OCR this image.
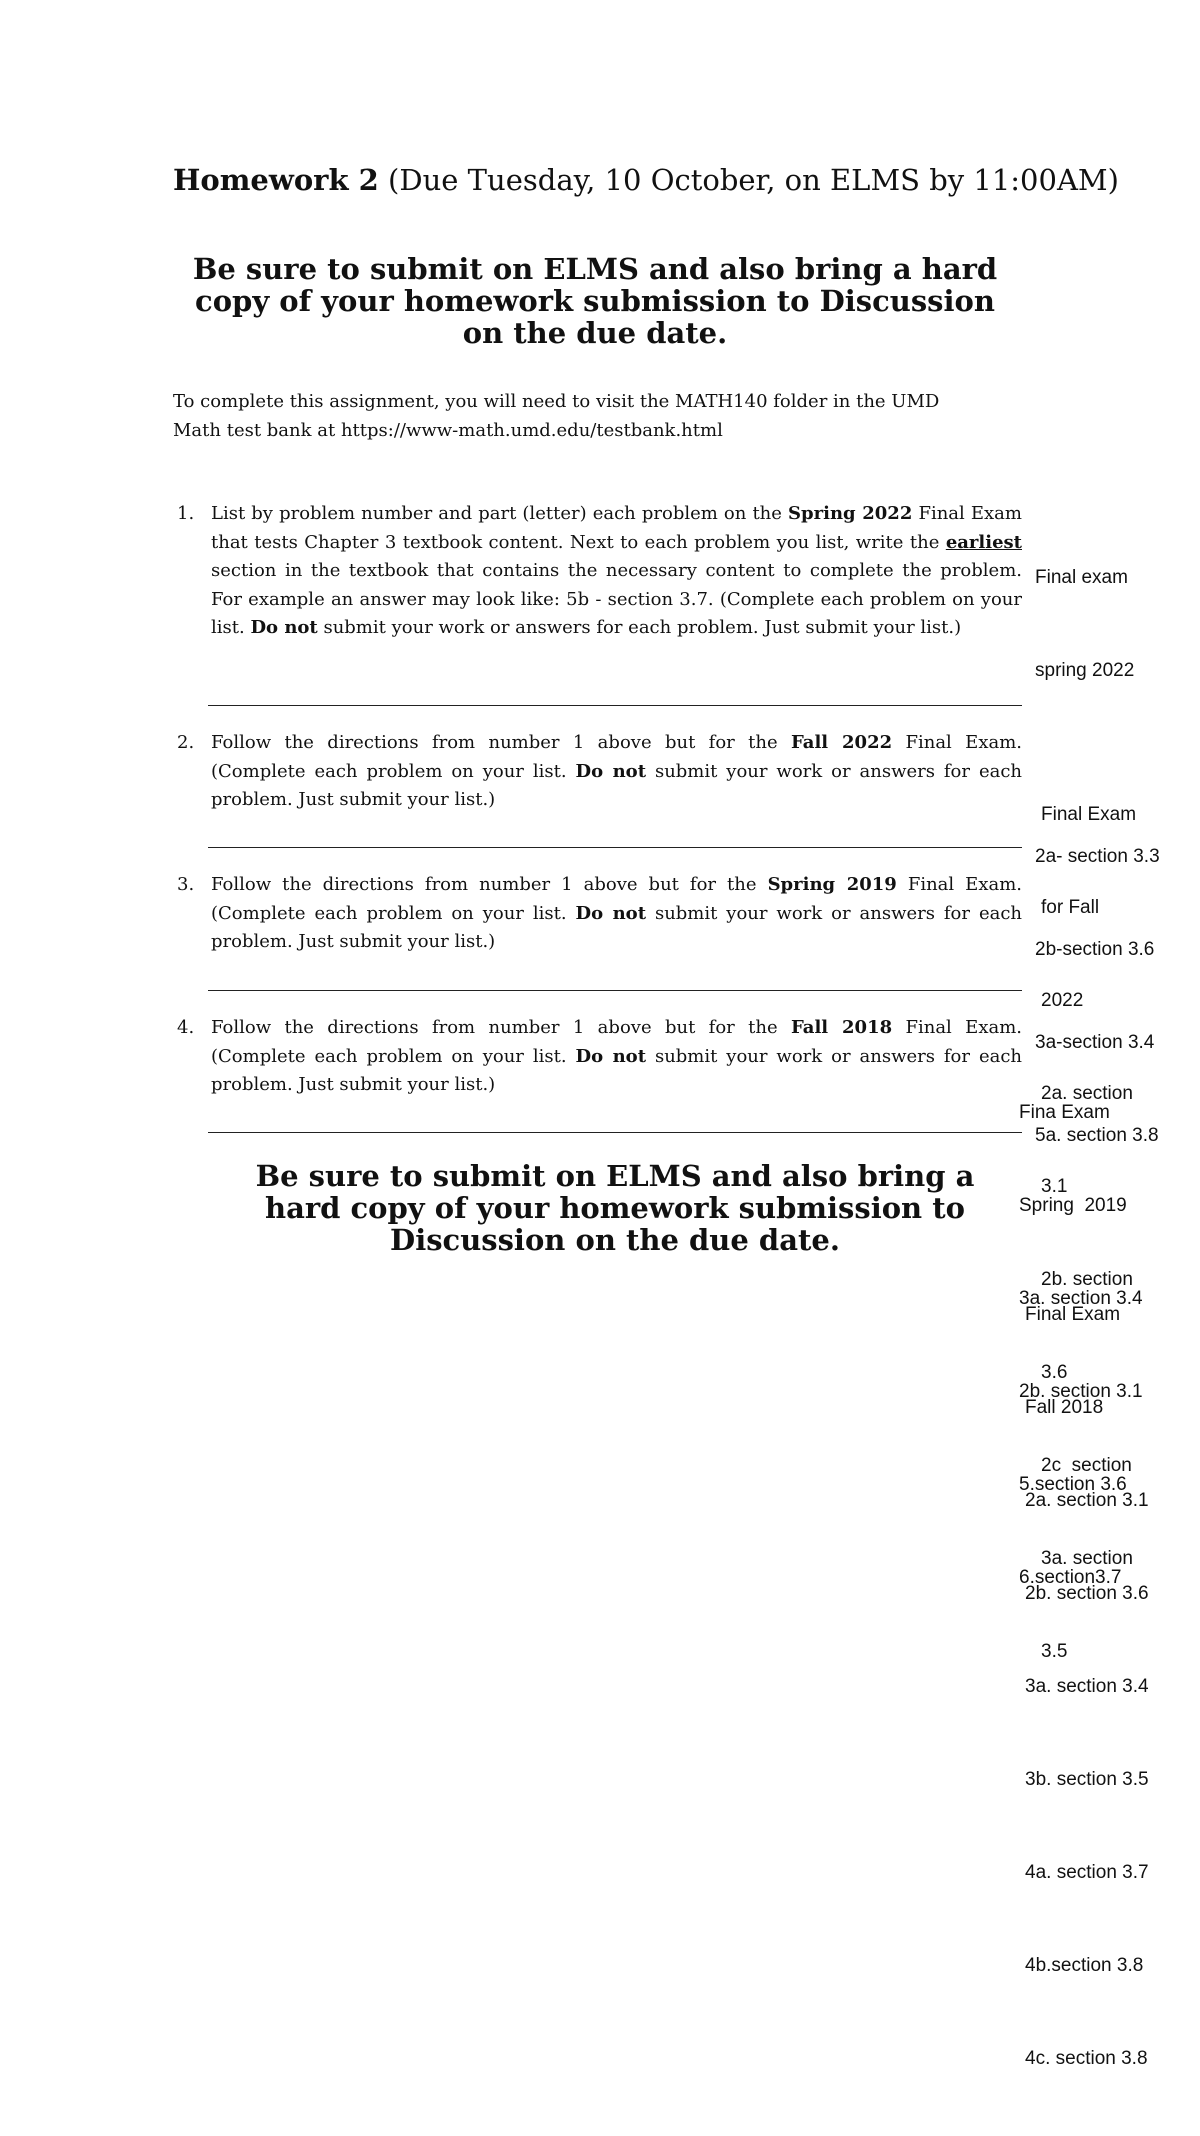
Homework 2 (Due Tuesday, 10 October, on ELMS by 11:00AM)
Be sure to submit on ELMS and also bring a hard
copy of your homework submission to Discussion
on the due date.
To complete this assignment, you will need to visit the MATH140 folder in the UMD
Math test bank at https://www-math.umd.edu/testbank.html
1. List by problem number and part (letter) each problem on the Spring 2022 Final Exam that tests Chapter 3 textbook content. Next to each problem you list, write the earliest section in the textbook that contains the necessary content to complete the problem. For example an answer may look like: 5b - section 3.7. (Complete each problem on your list. Do not submit your work or answers for each problem. Just submit your list.)
2. Follow the directions from number 1 above but for the Fall 2022 Final Exam. (Complete each problem on your list. Do not submit your work or answers for each problem. Just submit your list.)
3. Follow the directions from number 1 above but for the Spring 2019 Final Exam. (Complete each problem on your list. Do not submit your work or answers for each problem. Just submit your list.)
4. Follow the directions from number 1 above but for the Fall 2018 Final Exam. (Complete each problem on your list. Do not submit your work or answers for each problem. Just submit your list.)
Be sure to submit on ELMS and also bring a
hard copy of your homework submission to
Discussion on the due date.

Final exam

spring 2022

2a- section 3.3

2b-section 3.6

3a-section 3.4

5a. section 3.8

Final Exam

for Fall

2022

2a. section

3.1

2b. section

3.6

2c  section

3a. section

3.5

Fina Exam

Spring  2019

3a. section 3.4

2b. section 3.1

5.section 3.6

6.section3.7

Final Exam

Fall 2018

2a. section 3.1

2b. section 3.6

3a. section 3.4

3b. section 3.5

4a. section 3.7

4b.section 3.8

4c. section 3.8
